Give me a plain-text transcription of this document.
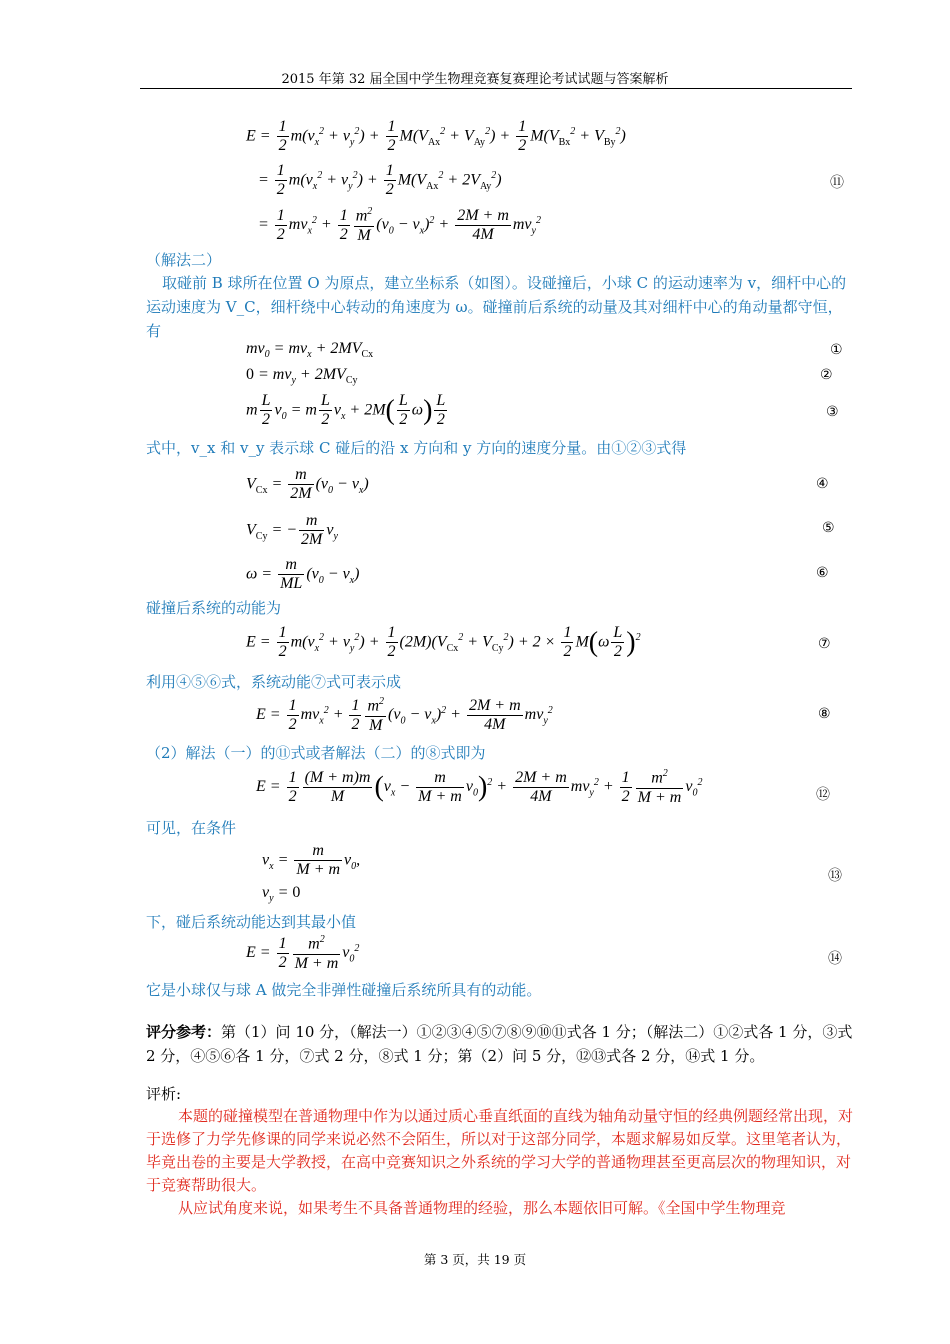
2015 年第 32 届全国中学生物理竞赛复赛理论考试试题与答案解析
$E = \frac{1}{2} m(v_x^2 + v_y^2) + \frac{1}{2} M(V_{Ax}^2 + V_{Ay}^2) + \frac{1}{2} M(V_{Bx}^2 + V_{By}^2)$
= $\frac{1}{2} m(v_x^2 + v_y^2) + \frac{1}{2} M(V_{Ax}^2 + 2V_{Ay}^2)$	⑪
= $\frac{1}{2} mv_x^2 + \frac{1}{2} \frac{m^2}{M} (v_0 - v_x)^2 + \frac{2M + m}{4M} mv_y^2$
（解法二）
取碰前 B 球所在位置 O 为原点，建立坐标系（如图）。设碰撞后，小球 C 的运动速率为 v，细杆中心的运动速度为 V_C，细杆绕中心转动的角速度为 ω。碰撞前后系统的动量及其对细杆中心的角动量都守恒，有
$mv_0 = mv_x + 2MV_{Cx}$	①
$0 = mv_y + 2MV_{Cy}$	②
m $\frac{L}{2} v_0 = m \frac{L}{2} v_x + 2M( \frac{L}{2} \omega) \frac{L}{2}$	③
式中，v_x 和 v_y 表示球 C 碰后的沿 x 方向和 y 方向的速度分量。由①②③式得
$V_{Cx} = \frac{m}{2M} (v_0 - v_x)$	④
$V_{Cy}$ = − $\frac{m}{2M} v_y$
⑤
$\omega = \frac{m}{ML} (v_0 - v_x)$	⑥
碰撞后系统的动能为
$E = \frac{1}{2} m(v_x^2 + v_y^2) + \frac{1}{2} (2M)(V_{Cx}^2 + V_{Cy}^2) + 2 \times \frac{1}{2} M(\omega \frac{L}{2} )^2$	⑦
利用④⑤⑥式，系统动能⑦式可表示成
$E = \frac{1}{2} mv_x^2 + \frac{1}{2} \frac{m^2}{M} (v_0 - v_x)^2 + \frac{2M + m}{4M} mv_y^2$	⑧
（2）解法（一）的⑪式或者解法（二）的⑧式即为
$E = \frac{1}{2} \frac{(M + m)m}{M} (v_x - \frac{m}{M + m} v_0)^2 + \frac{2M + m}{4M} mv_y^2 + \frac{1}{2} \frac{m^2}{M + m} v_0^2$
⑫
可见，在条件
$v_x = \frac{m}{M + m} v_0$,
$v_y = 0$
⑬
下，碰后系统动能达到其最小值
$E = \frac{1}{2} \frac{m^2}{M + m} v_0^2$
⑭
它是小球仅与球 A 做完全非弹性碰撞后系统所具有的动能。
评分参考：第（1）问 10 分，（解法一）①②③④⑤⑦⑧⑨⑩⑪式各 1 分；（解法二）①②式各 1 分，③式 2 分，④⑤⑥各 1 分，⑦式 2 分，⑧式 1 分；第（2）问 5 分，⑫⑬式各 2 分，⑭式 1 分。
评析:
本题的碰撞模型在普通物理中作为以通过质心垂直纸面的直线为轴角动量守恒的经典例题经常出现，对于选修了力学先修课的同学来说必然不会陌生，所以对于这部分同学，本题求解易如反掌。这里笔者认为，毕竟出卷的主要是大学教授，在高中竞赛知识之外系统的学习大学的普通物理甚至更高层次的物理知识，对于竞赛帮助很大。
从应试角度来说，如果考生不具备普通物理的经验，那么本题依旧可解。《全国中学生物理竞
第 3 页，共 19 页
